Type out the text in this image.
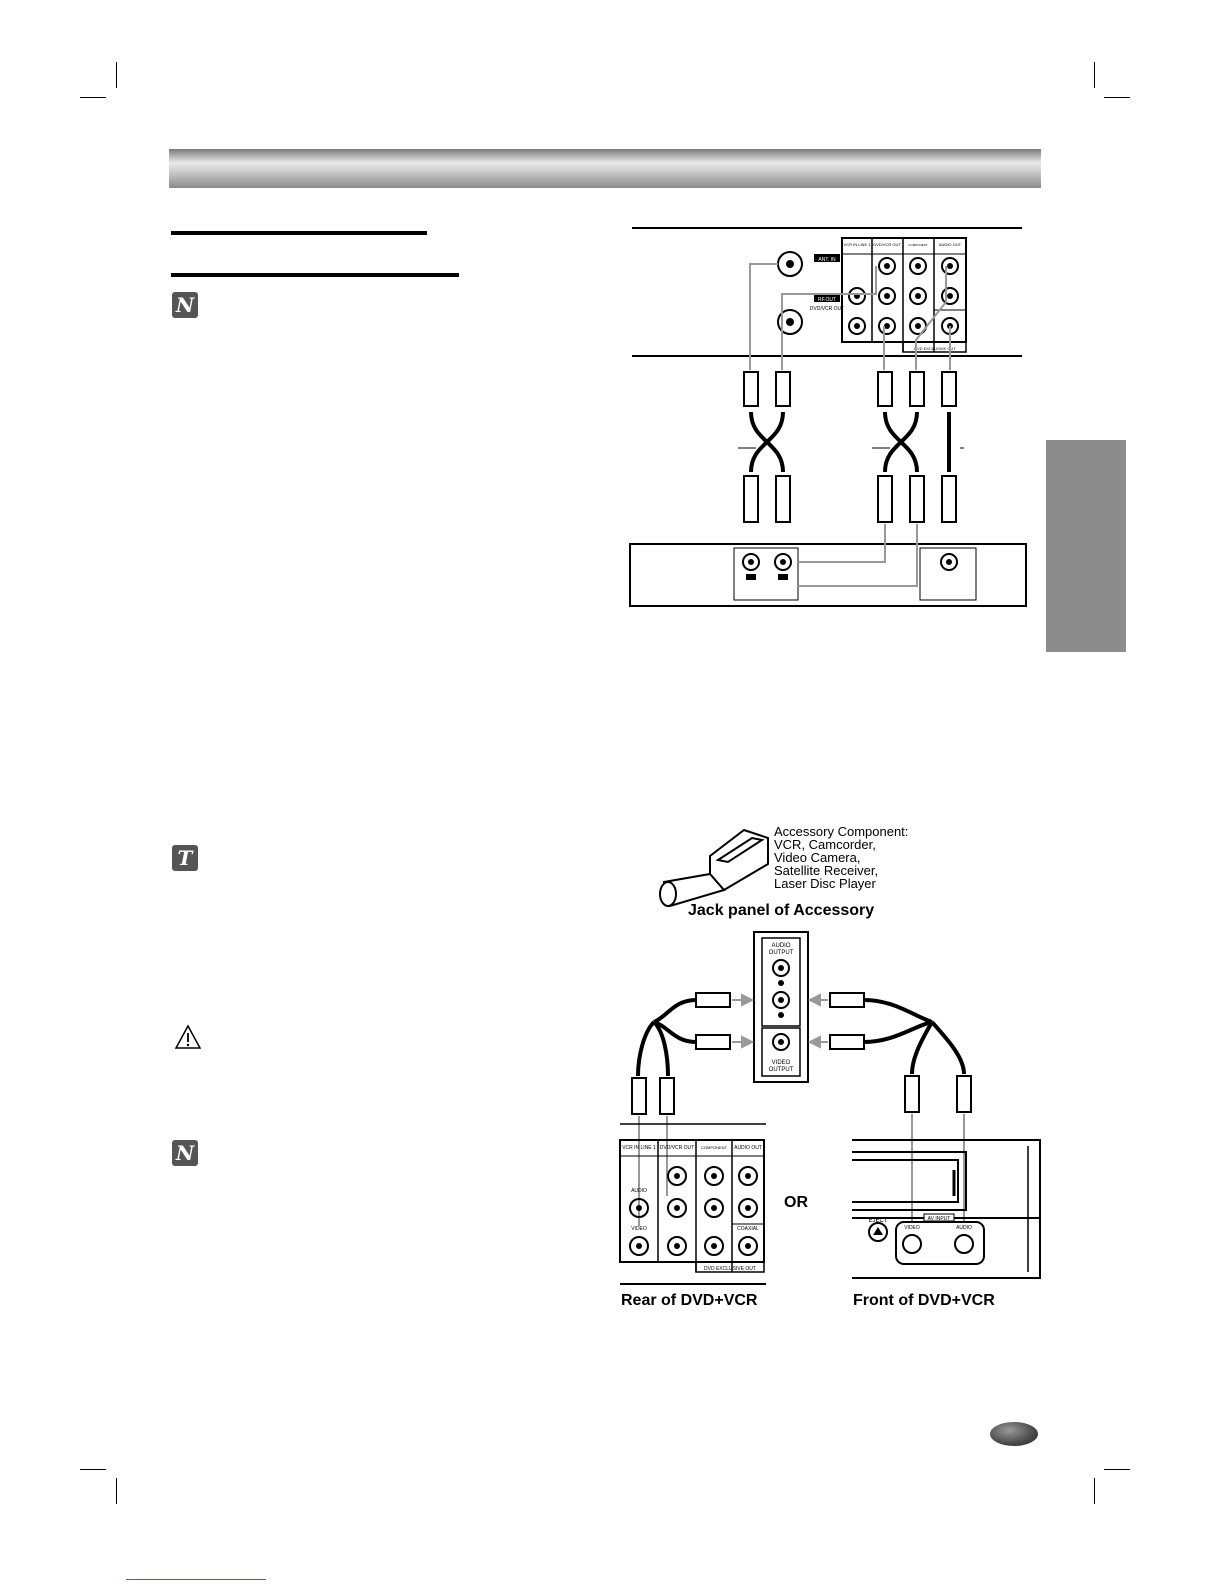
N
T
N
ANT. IN
RF.OUT
DVD/VCR OUT
VCR IN LINE 1 DVD/VCR OUT COMPONENT	AUDIO OUT
DVD EXCLUSIVE OUT
Accessory Component:
VCR, Camcorder,
Video Camera,
Satellite Receiver,
Laser Disc Player
Jack panel of Accessory
AUDIO
OUTPUT
VIDEO
OUTPUT
VCR IN LINE 1 DVD/VCR OUT COMPONENT AUDIO OUT
AUDIO
VIDEO	COAXIAL
DVD EXCLUSIVE OUT
EJECT	AV INPUT
VIDEO	AUDIO
OR
Rear of DVD+VCR	Front of DVD+VCR
